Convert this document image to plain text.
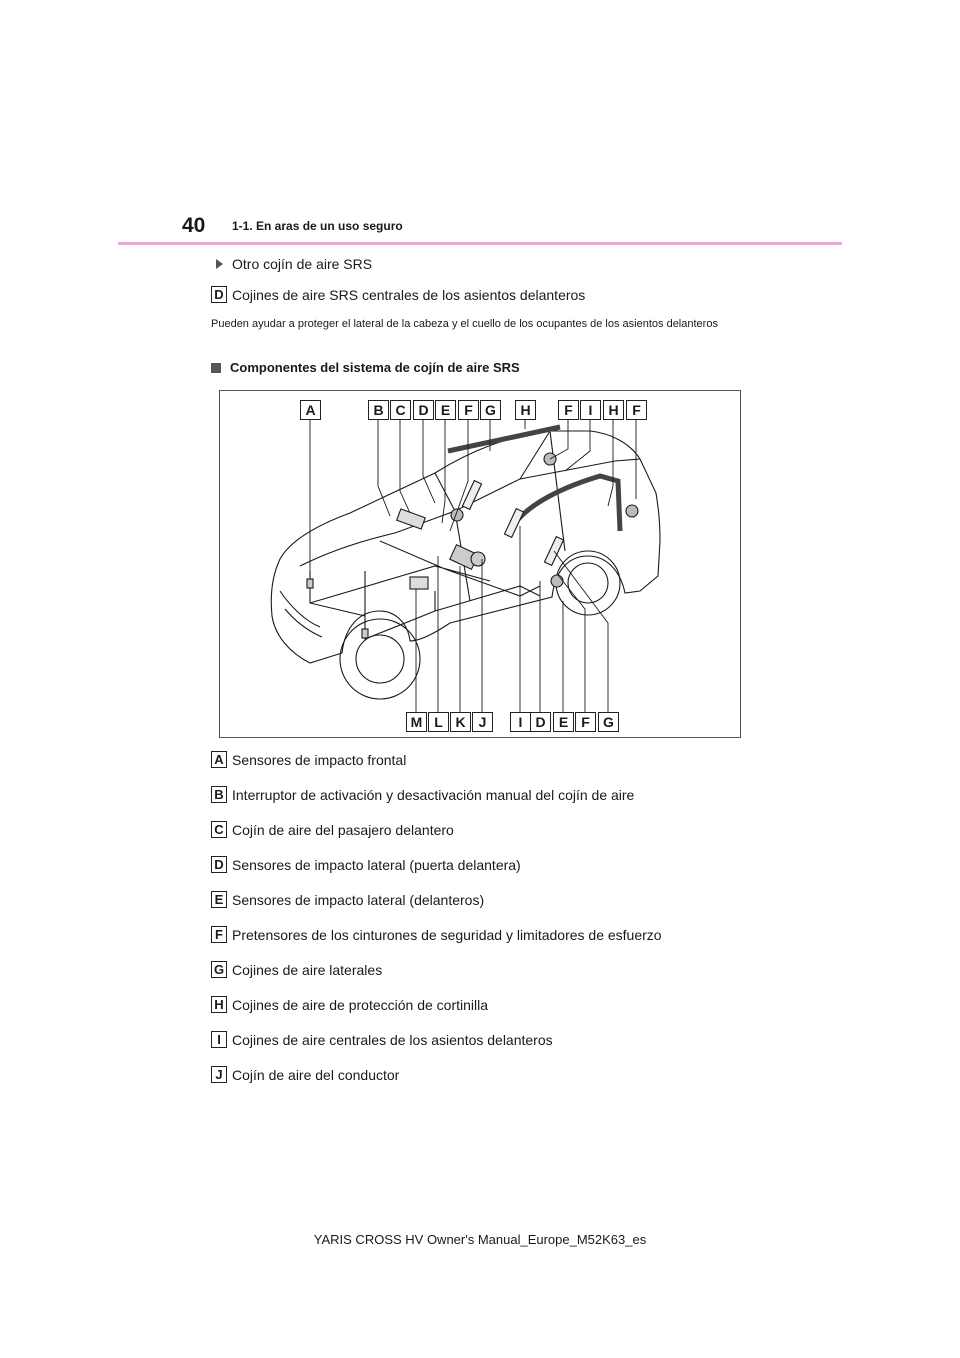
40 1-1. En aras de un uso seguro
Otro cojín de aire SRS
D Cojines de aire SRS centrales de los asientos delanteros
Pueden ayudar a proteger el lateral de la cabeza y el cuello de los ocupantes de los asientos delanteros
Componentes del sistema de cojín de aire SRS
A	B C D E	F G	H	F	I	H F
M L K J	I D E F G
A Sensores de impacto frontal
B Interruptor de activación y desactivación manual del cojín de aire
C Cojín de aire del pasajero delantero
D Sensores de impacto lateral (puerta delantera)
E Sensores de impacto lateral (delanteros)
F Pretensores de los cinturones de seguridad y limitadores de esfuerzo
G Cojines de aire laterales
H Cojines de aire de protección de cortinilla
I Cojines de aire centrales de los asientos delanteros
J Cojín de aire del conductor
YARIS CROSS HV Owner's Manual_Europe_M52K63_es
